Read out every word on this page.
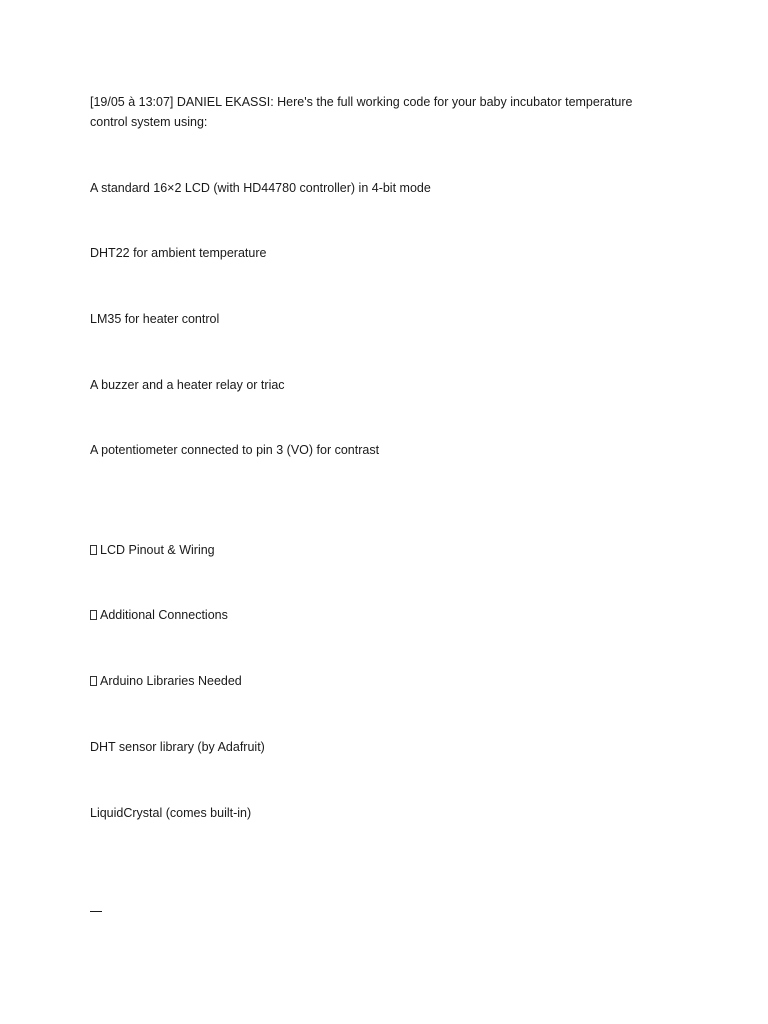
[19/05 à 13:07] DANIEL EKASSI: Here's the full working code for your baby incubator temperature control system using:

A standard 16×2 LCD (with HD44780 controller) in 4-bit mode

DHT22 for ambient temperature

LM35 for heater control

A buzzer and a heater relay or triac

A potentiometer connected to pin 3 (VO) for contrast

LCD Pinout & Wiring

Additional Connections

Arduino Libraries Needed

DHT sensor library (by Adafruit)

LiquidCrystal (comes built-in)
